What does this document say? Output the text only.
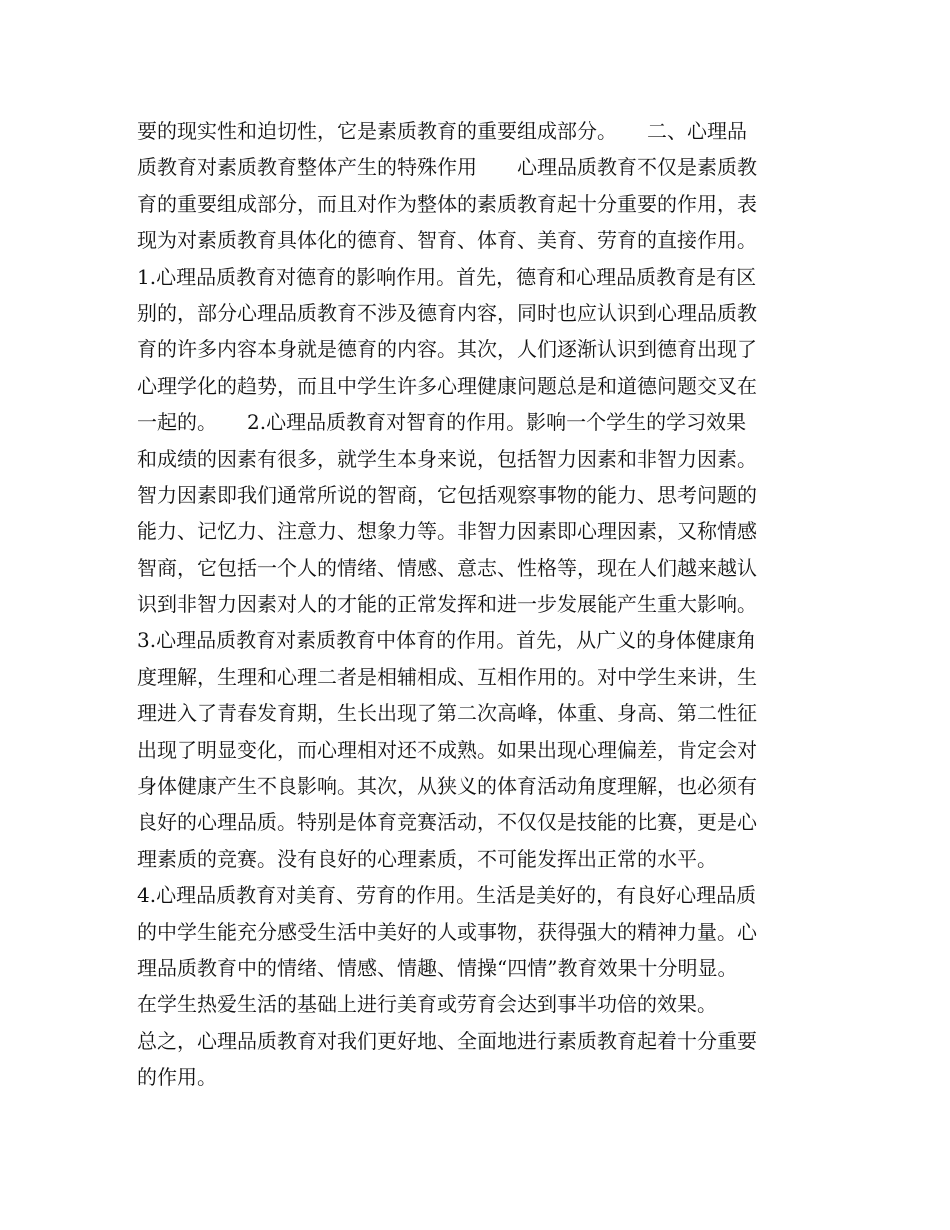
要的现实性和迫切性，它是素质教育的重要组成部分。　　二、心理品
质教育对素质教育整体产生的特殊作用　　心理品质教育不仅是素质教
育的重要组成部分，而且对作为整体的素质教育起十分重要的作用，表
现为对素质教育具体化的德育、智育、体育、美育、劳育的直接作用。
1.心理品质教育对德育的影响作用。首先，德育和心理品质教育是有区
别的，部分心理品质教育不涉及德育内容，同时也应认识到心理品质教
育的许多内容本身就是德育的内容。其次，人们逐渐认识到德育出现了
心理学化的趋势，而且中学生许多心理健康问题总是和道德问题交叉在
一起的。　　2.心理品质教育对智育的作用。影响一个学生的学习效果
和成绩的因素有很多，就学生本身来说，包括智力因素和非智力因素。
智力因素即我们通常所说的智商，它包括观察事物的能力、思考问题的
能力、记忆力、注意力、想象力等。非智力因素即心理因素，又称情感
智商，它包括一个人的情绪、情感、意志、性格等，现在人们越来越认
识到非智力因素对人的才能的正常发挥和进一步发展能产生重大影响。
3.心理品质教育对素质教育中体育的作用。首先，从广义的身体健康角
度理解，生理和心理二者是相辅相成、互相作用的。对中学生来讲，生
理进入了青春发育期，生长出现了第二次高峰，体重、身高、第二性征
出现了明显变化，而心理相对还不成熟。如果出现心理偏差，肯定会对
身体健康产生不良影响。其次，从狭义的体育活动角度理解，也必须有
良好的心理品质。特别是体育竞赛活动，不仅仅是技能的比赛，更是心
理素质的竞赛。没有良好的心理素质，不可能发挥出正常的水平。
4.心理品质教育对美育、劳育的作用。生活是美好的，有良好心理品质
的中学生能充分感受生活中美好的人或事物，获得强大的精神力量。心
理品质教育中的情绪、情感、情趣、情操“四情”教育效果十分明显。
在学生热爱生活的基础上进行美育或劳育会达到事半功倍的效果。
总之，心理品质教育对我们更好地、全面地进行素质教育起着十分重要
的作用。
